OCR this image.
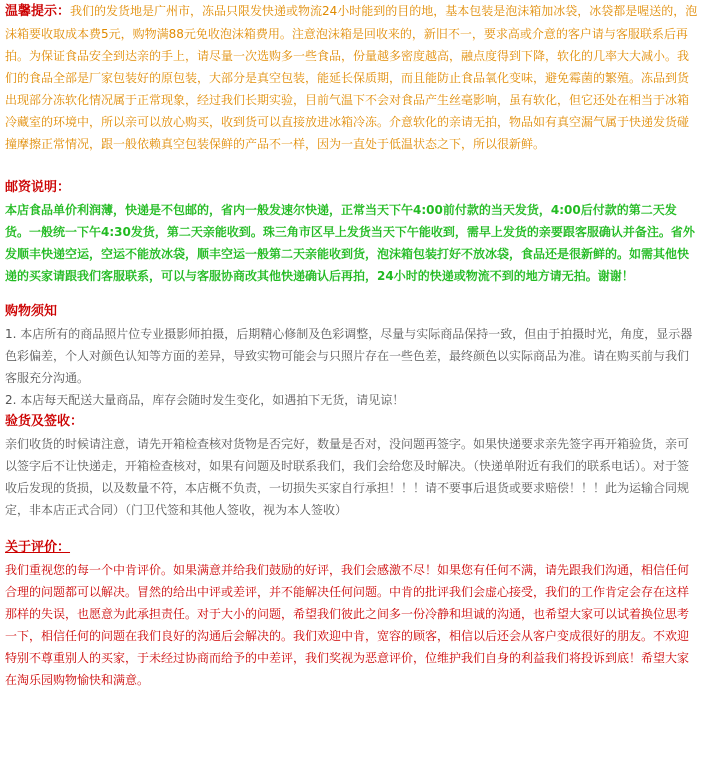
温馨提示：我们的发货地是广州市，冻品只限发快递或物流24小时能到的目的地，基本包装是泡沫箱加冰袋，冰袋都是喔送的，泡沫箱要收取成本费5元，购物满88元免收泡沫箱费用。注意泡沫箱是回收来的，新旧不一，要求高或介意的客户请与客服联系后再拍。为保证食品安全到达亲的手上，请尽量一次选购多一些食品，份量越多密度越高，融点度得到下降，软化的几率大大减小。我们的食品全部是厂家包装好的原包装，大部分是真空包装，能延长保质期，而且能防止食品氧化变味，避免霉菌的繁殖。冻品到货出现部分冻软化情况属于正常现象，经过我们长期实验，目前气温下不会对食品产生丝毫影响，虽有软化，但它还处在相当于冰箱冷藏室的环境中，所以亲可以放心购买，收到货可以直接放进冰箱冷冻。介意软化的亲请无拍，物品如有真空漏气属于快递发货碰撞摩擦正常情况，跟一般依赖真空包装保鲜的产品不一样，因为一直处于低温状态之下，所以很新鲜。

邮资说明：

本店食品单价利润薄，快递是不包邮的，省内一般发速尔快递，正常当天下午4:00前付款的当天发货，4:00后付款的第二天发货。一般统一下午4:30发货，第二天亲能收到。珠三角市区早上发货当天下午能收到，需早上发货的亲要跟客服确认并备注。省外发顺丰快递空运，空运不能放冰袋，顺丰空运一般第二天亲能收到货，泡沫箱包装打好不放冰袋，食品还是很新鲜的。如需其他快递的买家请跟我们客服联系，可以与客服协商改其他快递确认后再拍，24小时的快递或物流不到的地方请无拍。谢谢！

购物须知

1. 本店所有的商品照片位专业摄影师拍摄，后期精心修制及色彩调整，尽量与实际商品保持一致，但由于拍摄时光，角度，显示器色彩偏差，个人对颜色认知等方面的差异，导致实物可能会与只照片存在一些色差，最终颜色以实际商品为准。请在购买前与我们客服充分沟通。

2. 本店每天配送大量商品，库存会随时发生变化，如遇拍下无货，请见谅！

验货及签收：

亲们收货的时候请注意，请先开箱检查核对货物是否完好，数量是否对，没问题再签字。如果快递要求亲先签字再开箱验货，亲可以签字后不让快递走，开箱检查核对，如果有问题及时联系我们，我们会给您及时解决。（快递单附近有我们的联系电话）。对于签收后发现的货损，以及数量不符，本店概不负责，一切损失买家自行承担！！！请不要事后退货或要求赔偿！！！此为运输合同规定，非本店正式合同）（门卫代签和其他人签收，视为本人签收）

关于评价：

我们重视您的每一个中肯评价。如果满意并给我们鼓励的好评，我们会感激不尽！如果您有任何不满，请先跟我们沟通，相信任何合理的问题都可以解决。冒然的给出中评或差评，并不能解决任何问题。中肯的批评我们会虚心接受，我们的工作肯定会存在这样那样的失误，也愿意为此承担责任。对于大小的问题，希望我们彼此之间多一份冷静和坦诚的沟通，也希望大家可以试着换位思考一下，相信任何的问题在我们良好的沟通后会解决的。我们欢迎中肯，宽容的顾客，相信以后还会从客户变成很好的朋友。不欢迎特别不尊重别人的买家，于未经过协商而给予的中差评，我们奖视为恶意评价，位维护我们自身的利益我们将投诉到底！希望大家在淘乐园购物愉快和满意。
